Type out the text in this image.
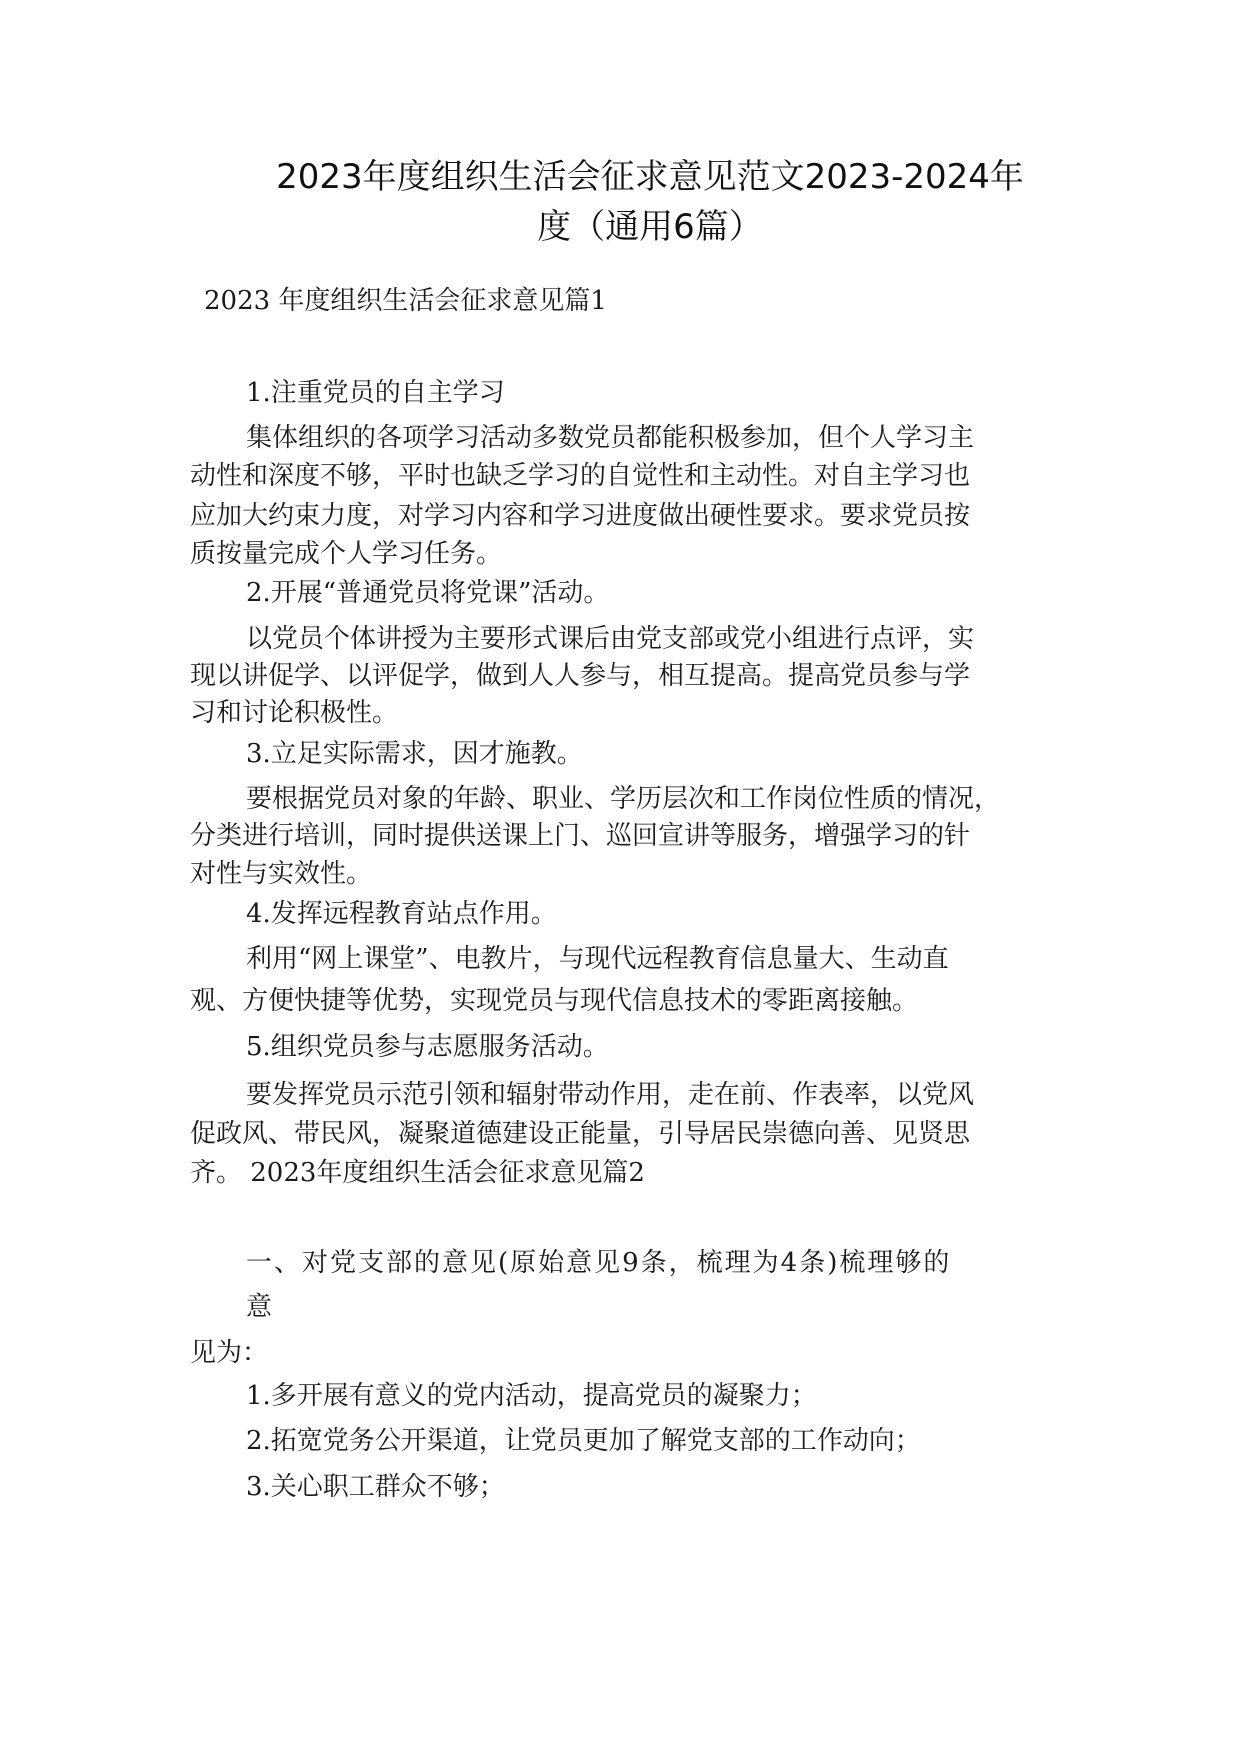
2023年度组织生活会征求意见范文2023-2024年
度（通用6篇）
2023 年度组织生活会征求意见篇1
1.注重党员的自主学习
集体组织的各项学习活动多数党员都能积极参加，但个人学习主
动性和深度不够，平时也缺乏学习的自觉性和主动性。对自主学习也
应加大约束力度，对学习内容和学习进度做出硬性要求。要求党员按
质按量完成个人学习任务。
2.开展“普通党员将党课”活动。
以党员个体讲授为主要形式课后由党支部或党小组进行点评，实
现以讲促学、以评促学，做到人人参与，相互提高。提高党员参与学
习和讨论积极性。
3.立足实际需求，因才施教。
要根据党员对象的年龄、职业、学历层次和工作岗位性质的情况，
分类进行培训，同时提供送课上门、巡回宣讲等服务，增强学习的针
对性与实效性。
4.发挥远程教育站点作用。
利用“网上课堂”、电教片，与现代远程教育信息量大、生动直
观、方便快捷等优势，实现党员与现代信息技术的零距离接触。
5.组织党员参与志愿服务活动。
要发挥党员示范引领和辐射带动作用，走在前、作表率，以党风
促政风、带民风，凝聚道德建设正能量，引导居民崇德向善、见贤思
齐。 2023年度组织生活会征求意见篇2
一、对党支部的意见(原始意见9条，梳理为4条)梳理够的
意
见为：
1.多开展有意义的党内活动，提高党员的凝聚力；
2.拓宽党务公开渠道，让党员更加了解党支部的工作动向；
3.关心职工群众不够；
